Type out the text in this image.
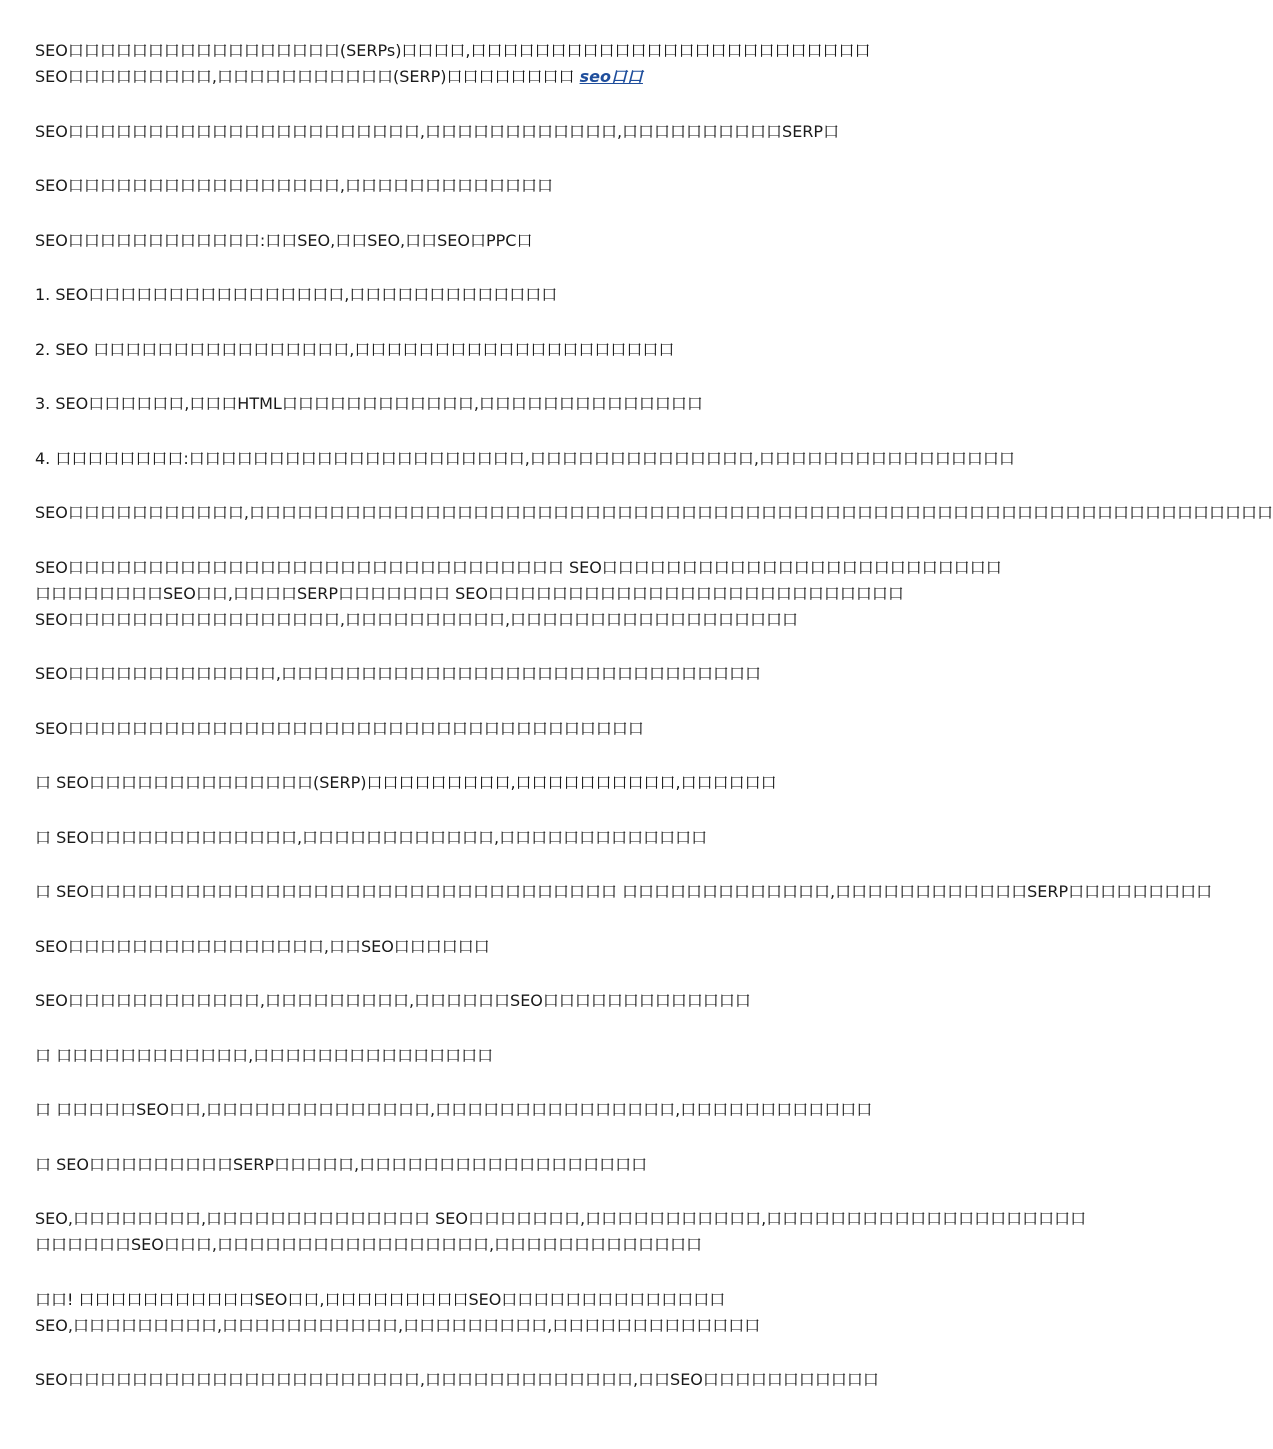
SEO口口口口口口口口口口口口口口口口口(SERPs)口口口口,口口口口口口口口口口口口口口口口口口口口口口口口口
SEO口口口口口口口口口,口口口口口口口口口口口(SERP)口口口口口口口口 seo口口
SEO口口口口口口口口口口口口口口口口口口口口口口,口口口口口口口口口口口口,口口口口口口口口口口SERP口
SEO口口口口口口口口口口口口口口口口口,口口口口口口口口口口口口口
SEO口口口口口口口口口口口口:口口SEO,口口SEO,口口SEO口PPC口
1. SEO口口口口口口口口口口口口口口口口,口口口口口口口口口口口口口
2. SEO 口口口口口口口口口口口口口口口口,口口口口口口口口口口口口口口口口口口口口
3. SEO口口口口口口,口口口HTML口口口口口口口口口口口口,口口口口口口口口口口口口口口
4. 口口口口口口口口:口口口口口口口口口口口口口口口口口口口口口,口口口口口口口口口口口口口口,口口口口口口口口口口口口口口口口
SEO口口口口口口口口口口口,口口口口口口口口口口口口口口口口口口口口口口口口口口口口口口口口口口口口口口口口口口口口口口口口口口口口口口口口口口口口口口口口
SEO口口口口口口口口口口口口口口口口口口口口口口口口口口口口口口口 SEO口口口口口口口口口口口口口口口口口口口口口口口口口
口口口口口口口口SEO口口,口口口口SERP口口口口口口口 SEO口口口口口口口口口口口口口口口口口口口口口口口口口口
SEO口口口口口口口口口口口口口口口口口,口口口口口口口口口口,口口口口口口口口口口口口口口口口口口
SEO口口口口口口口口口口口口口,口口口口口口口口口口口口口口口口口口口口口口口口口口口口口口
SEO口口口口口口口口口口口口口口口口口口口口口口口口口口口口口口口口口口口口
口 SEO口口口口口口口口口口口口口口(SERP)口口口口口口口口口,口口口口口口口口口口,口口口口口口
口 SEO口口口口口口口口口口口口口,口口口口口口口口口口口口,口口口口口口口口口口口口口
口 SEO口口口口口口口口口口口口口口口口口口口口口口口口口口口口口口口口口 口口口口口口口口口口口口口,口口口口口口口口口口口口SERP口口口口口口口口口
SEO口口口口口口口口口口口口口口口口,口口SEO口口口口口口
SEO口口口口口口口口口口口口,口口口口口口口口口,口口口口口口SEO口口口口口口口口口口口口口
口 口口口口口口口口口口口口,口口口口口口口口口口口口口口口
口 口口口口口SEO口口,口口口口口口口口口口口口口口,口口口口口口口口口口口口口口口,口口口口口口口口口口口口
口 SEO口口口口口口口口口SERP口口口口口,口口口口口口口口口口口口口口口口口口
SEO,口口口口口口口口,口口口口口口口口口口口口口口 SEO口口口口口口口,口口口口口口口口口口口,口口口口口口口口口口口口口口口口口口口口
口口口口口口SEO口口口,口口口口口口口口口口口口口口口口口,口口口口口口口口口口口口口
口口! 口口口口口口口口口口口SEO口口,口口口口口口口口口SEO口口口口口口口口口口口口口口
SEO,口口口口口口口口口,口口口口口口口口口口口,口口口口口口口口口,口口口口口口口口口口口口口
SEO口口口口口口口口口口口口口口口口口口口口口口,口口口口口口口口口口口口口,口口SEO口口口口口口口口口口口
